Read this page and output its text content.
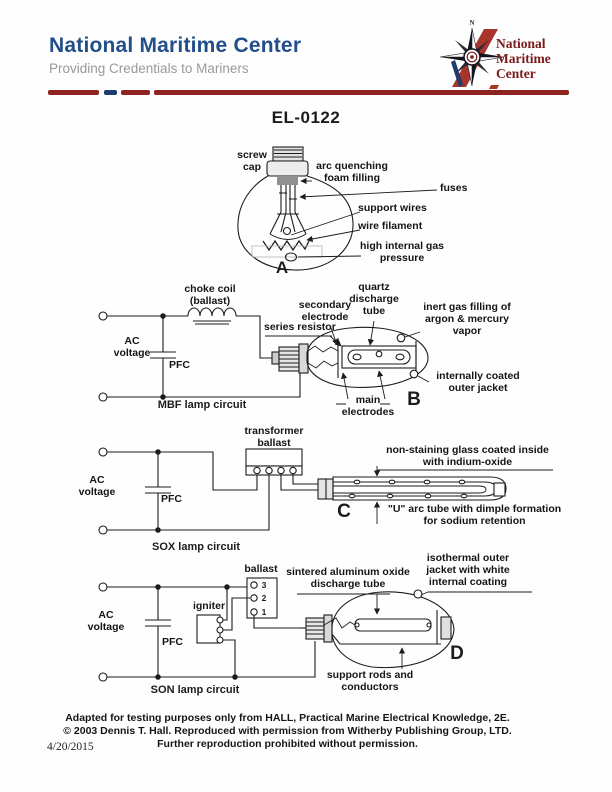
National Maritime Center
Providing Credentials to Mariners
N
National
Maritime
Center
EL-0122
screw cap	arc quenching foam filling
fuses
support wires
wire filament
high internal gas pressure
A
choke coil (ballast)
AC voltage
PFC
secondary electrode
quartz discharge tube
series resistor
inert gas filling of argon & mercury vapor
internally coated outer jacket
main electrodes
B
MBF lamp circuit
transformer ballast
AC voltage
PFC
non-staining glass coated inside with indium-oxide
"U" arc tube with dimple formation for sodium retention
C
SOX lamp circuit
ballast
igniter
3
2
1
AC voltage
PFC
sintered aluminum oxide discharge tube
isothermal outer jacket with white internal coating
support rods and conductors
D
SON lamp circuit
Adapted for testing purposes only from HALL, Practical Marine Electrical Knowledge, 2E.
© 2003 Dennis T. Hall. Reproduced with permission from Witherby Publishing Group, LTD.
Further reproduction prohibited without permission.
4/20/2015
